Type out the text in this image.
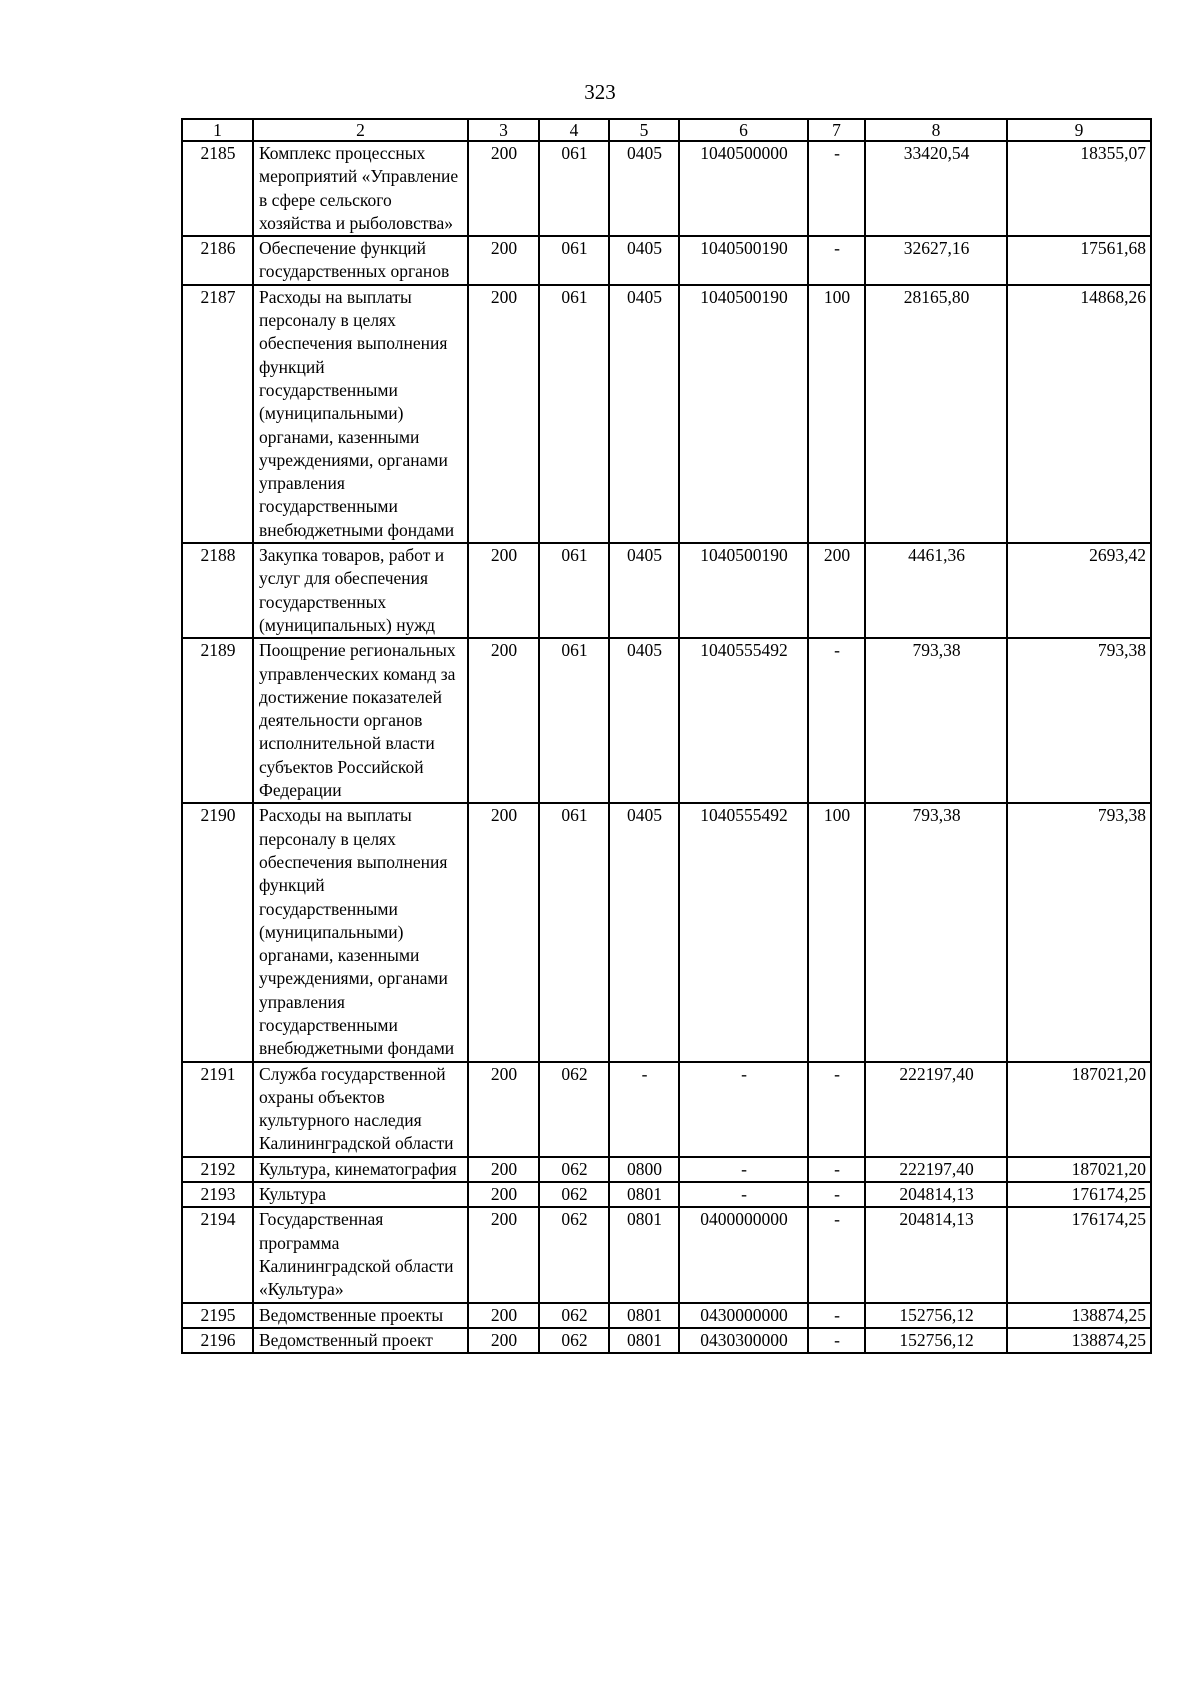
323
1	2	3	4	5	6	7	8	9
2185	Комплекс процессных мероприятий «Управление в сфере сельского хозяйства и рыболовства»	200	061	0405	1040500000	-	33420,54	18355,07
2186	Обеспечение функций государственных органов	200	061	0405	1040500190	-	32627,16	17561,68
2187	Расходы на выплаты персоналу в целях обеспечения выполнения функций государственными (муниципальными) органами, казенными учреждениями, органами управления государственными внебюджетными фондами	200	061	0405	1040500190	100	28165,80	14868,26
2188	Закупка товаров, работ и услуг для обеспечения государственных (муниципальных) нужд	200	061	0405	1040500190	200	4461,36	2693,42
2189	Поощрение региональных управленческих команд за достижение показателей деятельности органов исполнительной власти субъектов Российской Федерации	200	061	0405	1040555492	-	793,38	793,38
2190	Расходы на выплаты персоналу в целях обеспечения выполнения функций государственными (муниципальными) органами, казенными учреждениями, органами управления государственными внебюджетными фондами	200	061	0405	1040555492	100	793,38	793,38
2191	Служба государственной охраны объектов культурного наследия Калининградской области	200	062	-	-	-	222197,40	187021,20
2192	Культура, кинематография	200	062	0800	-	-	222197,40	187021,20
2193	Культура	200	062	0801	-	-	204814,13	176174,25
2194	Государственная программа Калининградской области «Культура»	200	062	0801	0400000000	-	204814,13	176174,25
2195	Ведомственные проекты	200	062	0801	0430000000	-	152756,12	138874,25
2196	Ведомственный проект	200	062	0801	0430300000	-	152756,12	138874,25
